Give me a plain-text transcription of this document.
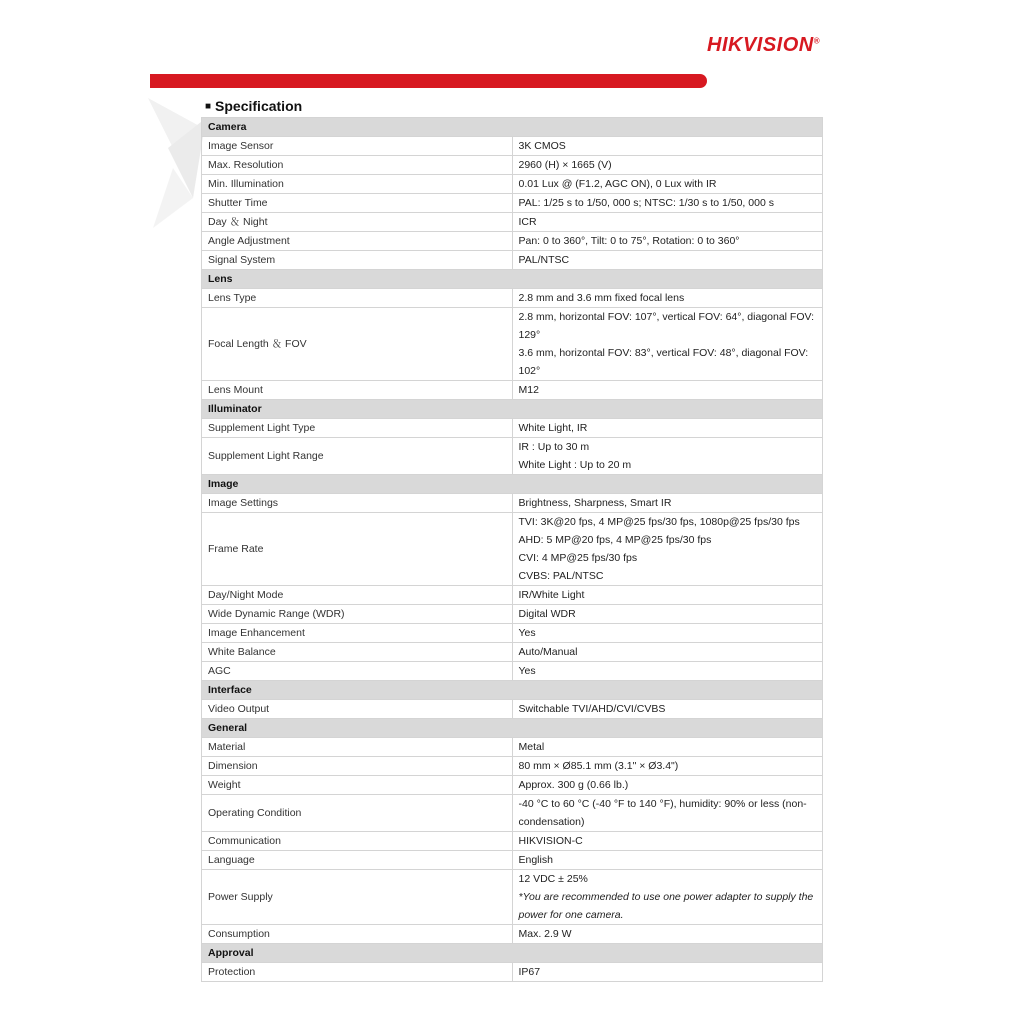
HIKVISION®
■ Specification
Camera	
Image Sensor	3K CMOS

Max. Resolution	2960 (H) × 1665 (V)

Min. Illumination	0.01 Lux @ (F1.2, AGC ON), 0 Lux with IR

Shutter Time	PAL: 1/25 s to 1/50, 000 s; NTSC: 1/30 s to 1/50, 000 s

Day ＆ Night	ICR

Angle Adjustment	Pan: 0 to 360°, Tilt: 0 to 75°, Rotation: 0 to 360°

Signal System	PAL/NTSC

Lens	
Lens Type	2.8 mm and 3.6 mm fixed focal lens

Focal Length ＆ FOV	2.8 mm, horizontal FOV: 107°, vertical FOV: 64°, diagonal FOV: 129°
3.6 mm, horizontal FOV: 83°, vertical FOV: 48°, diagonal FOV: 102°

Lens Mount	M12

Illuminator	
Supplement Light Type	White Light, IR

Supplement Light Range	IR : Up to 30 m
White Light : Up to 20 m

Image	
Image Settings	Brightness, Sharpness, Smart IR

Frame Rate	TVI: 3K@20 fps, 4 MP@25 fps/30 fps, 1080p@25 fps/30 fps
AHD: 5 MP@20 fps, 4 MP@25 fps/30 fps
CVI: 4 MP@25 fps/30 fps
CVBS: PAL/NTSC

Day/Night Mode	IR/White Light

Wide Dynamic Range (WDR)	Digital WDR

Image Enhancement	Yes

White Balance	Auto/Manual

AGC	Yes

Interface	
Video Output	Switchable TVI/AHD/CVI/CVBS

General	
Material	Metal

Dimension	80 mm × Ø85.1 mm (3.1" × Ø3.4")

Weight	Approx. 300 g (0.66 lb.)

Operating Condition	-40 °C to 60 °C (-40 °F to 140 °F), humidity: 90% or less (non-condensation)

Communication	HIKVISION-C

Language	English

Power Supply	12 VDC ± 25%
*You are recommended to use one power adapter to supply the power for one camera.

Consumption	Max. 2.9 W

Approval	
Protection	IP67
